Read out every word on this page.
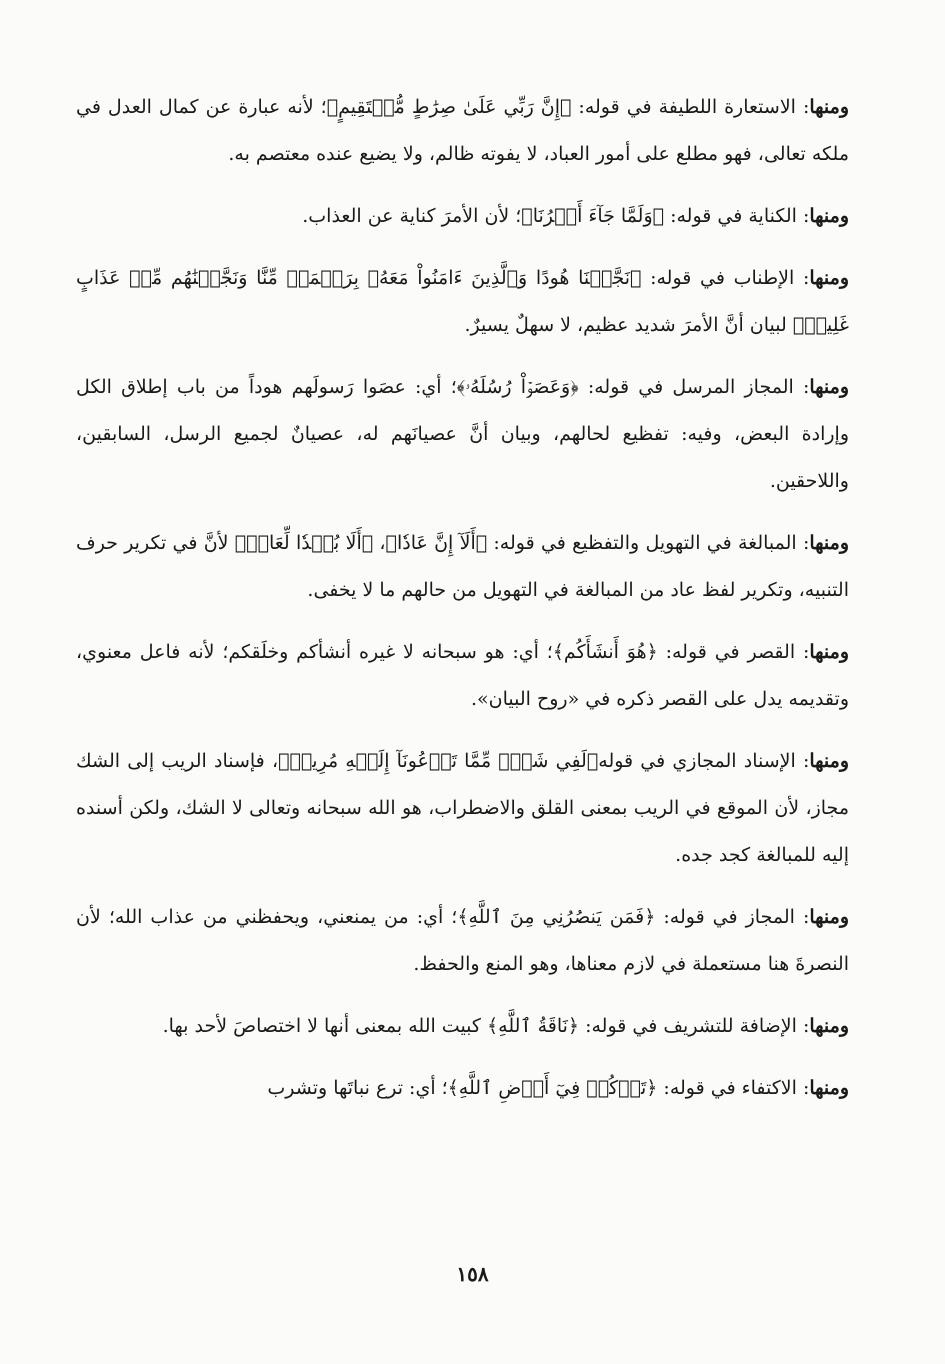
ومنها: الاستعارة اللطيفة في قوله: ﴿إِنَّ رَبِّي عَلَىٰ صِرَٰطٍ مُّسۡتَقِيمٍ﴾؛ لأنه عبارة عن كمال العدل في ملكه تعالى، فهو مطلع على أمور العباد، لا يفوته ظالم، ولا يضيع عنده معتصم به.

ومنها: الكناية في قوله: ﴿وَلَمَّا جَآءَ أَمۡرُنَا﴾؛ لأن الأمرَ كناية عن العذاب.

ومنها: الإطناب في قوله: ﴿نَجَّيۡنَا هُودًا وَٱلَّذِينَ ءَامَنُواْ مَعَهُۥ بِرَحۡمَةٖ مِّنَّا وَنَجَّيۡنَٰهُم مِّنۡ عَذَابٍ غَلِيظٖ﴾ لبيان أنَّ الأمرَ شديد عظيم، لا سهلٌ يسيرٌ.

ومنها: المجاز المرسل في قوله: ﴿وَعَصَوۡاْ رُسُلَهُۥ﴾؛ أي: عصَوا رَسولَهم هوداً من باب إطلاق الكل وإرادة البعض، وفيه: تفظيع لحالهم، وبيان أنَّ عصيانَهم له، عصيانٌ لجميع الرسل، السابقين، واللاحقين.

ومنها: المبالغة في التهويل والتفظيع في قوله: ﴿أَلَآ إِنَّ عَادٗا﴾، ﴿أَلَا بُعۡدٗا لِّعَادٖ﴾ لأنَّ في تكرير حرف التنبيه، وتكرير لفظ عاد من المبالغة في التهويل من حالهم ما لا يخفى.

ومنها: القصر في قوله: ﴿هُوَ أَنشَأَكُم﴾؛ أي: هو سبحانه لا غيره أنشأكم وخلَقكم؛ لأنه فاعل معنوي، وتقديمه يدل على القصر ذكره في «روح البيان».

ومنها: الإسناد المجازي في قوله﴿لَفِي شَكّٖ مِّمَّا تَدۡعُونَآ إِلَيۡهِ مُرِيبٖ﴾، فإسناد الريب إلى الشك مجاز، لأن الموقع في الريب بمعنى القلق والاضطراب، هو الله سبحانه وتعالى لا الشك، ولكن أسنده إليه للمبالغة كجد جده.

ومنها: المجاز في قوله: ﴿فَمَن يَنصُرُنِي مِنَ ٱللَّهِ﴾؛ أي: من يمنعني، ويحفظني من عذاب الله؛ لأن النصرةَ هنا مستعملة في لازم معناها، وهو المنع والحفظ.

ومنها: الإضافة للتشريف في قوله: ﴿نَاقَةُ ٱللَّهِ﴾ كبيت الله بمعنى أنها لا اختصاصَ لأحد بها.

ومنها: الاكتفاء في قوله: ﴿تَأۡكُلۡ فِيٓ أَرۡضِ ٱللَّهِ﴾؛ أي: ترع نباتَها وتشرب

١٥٨
